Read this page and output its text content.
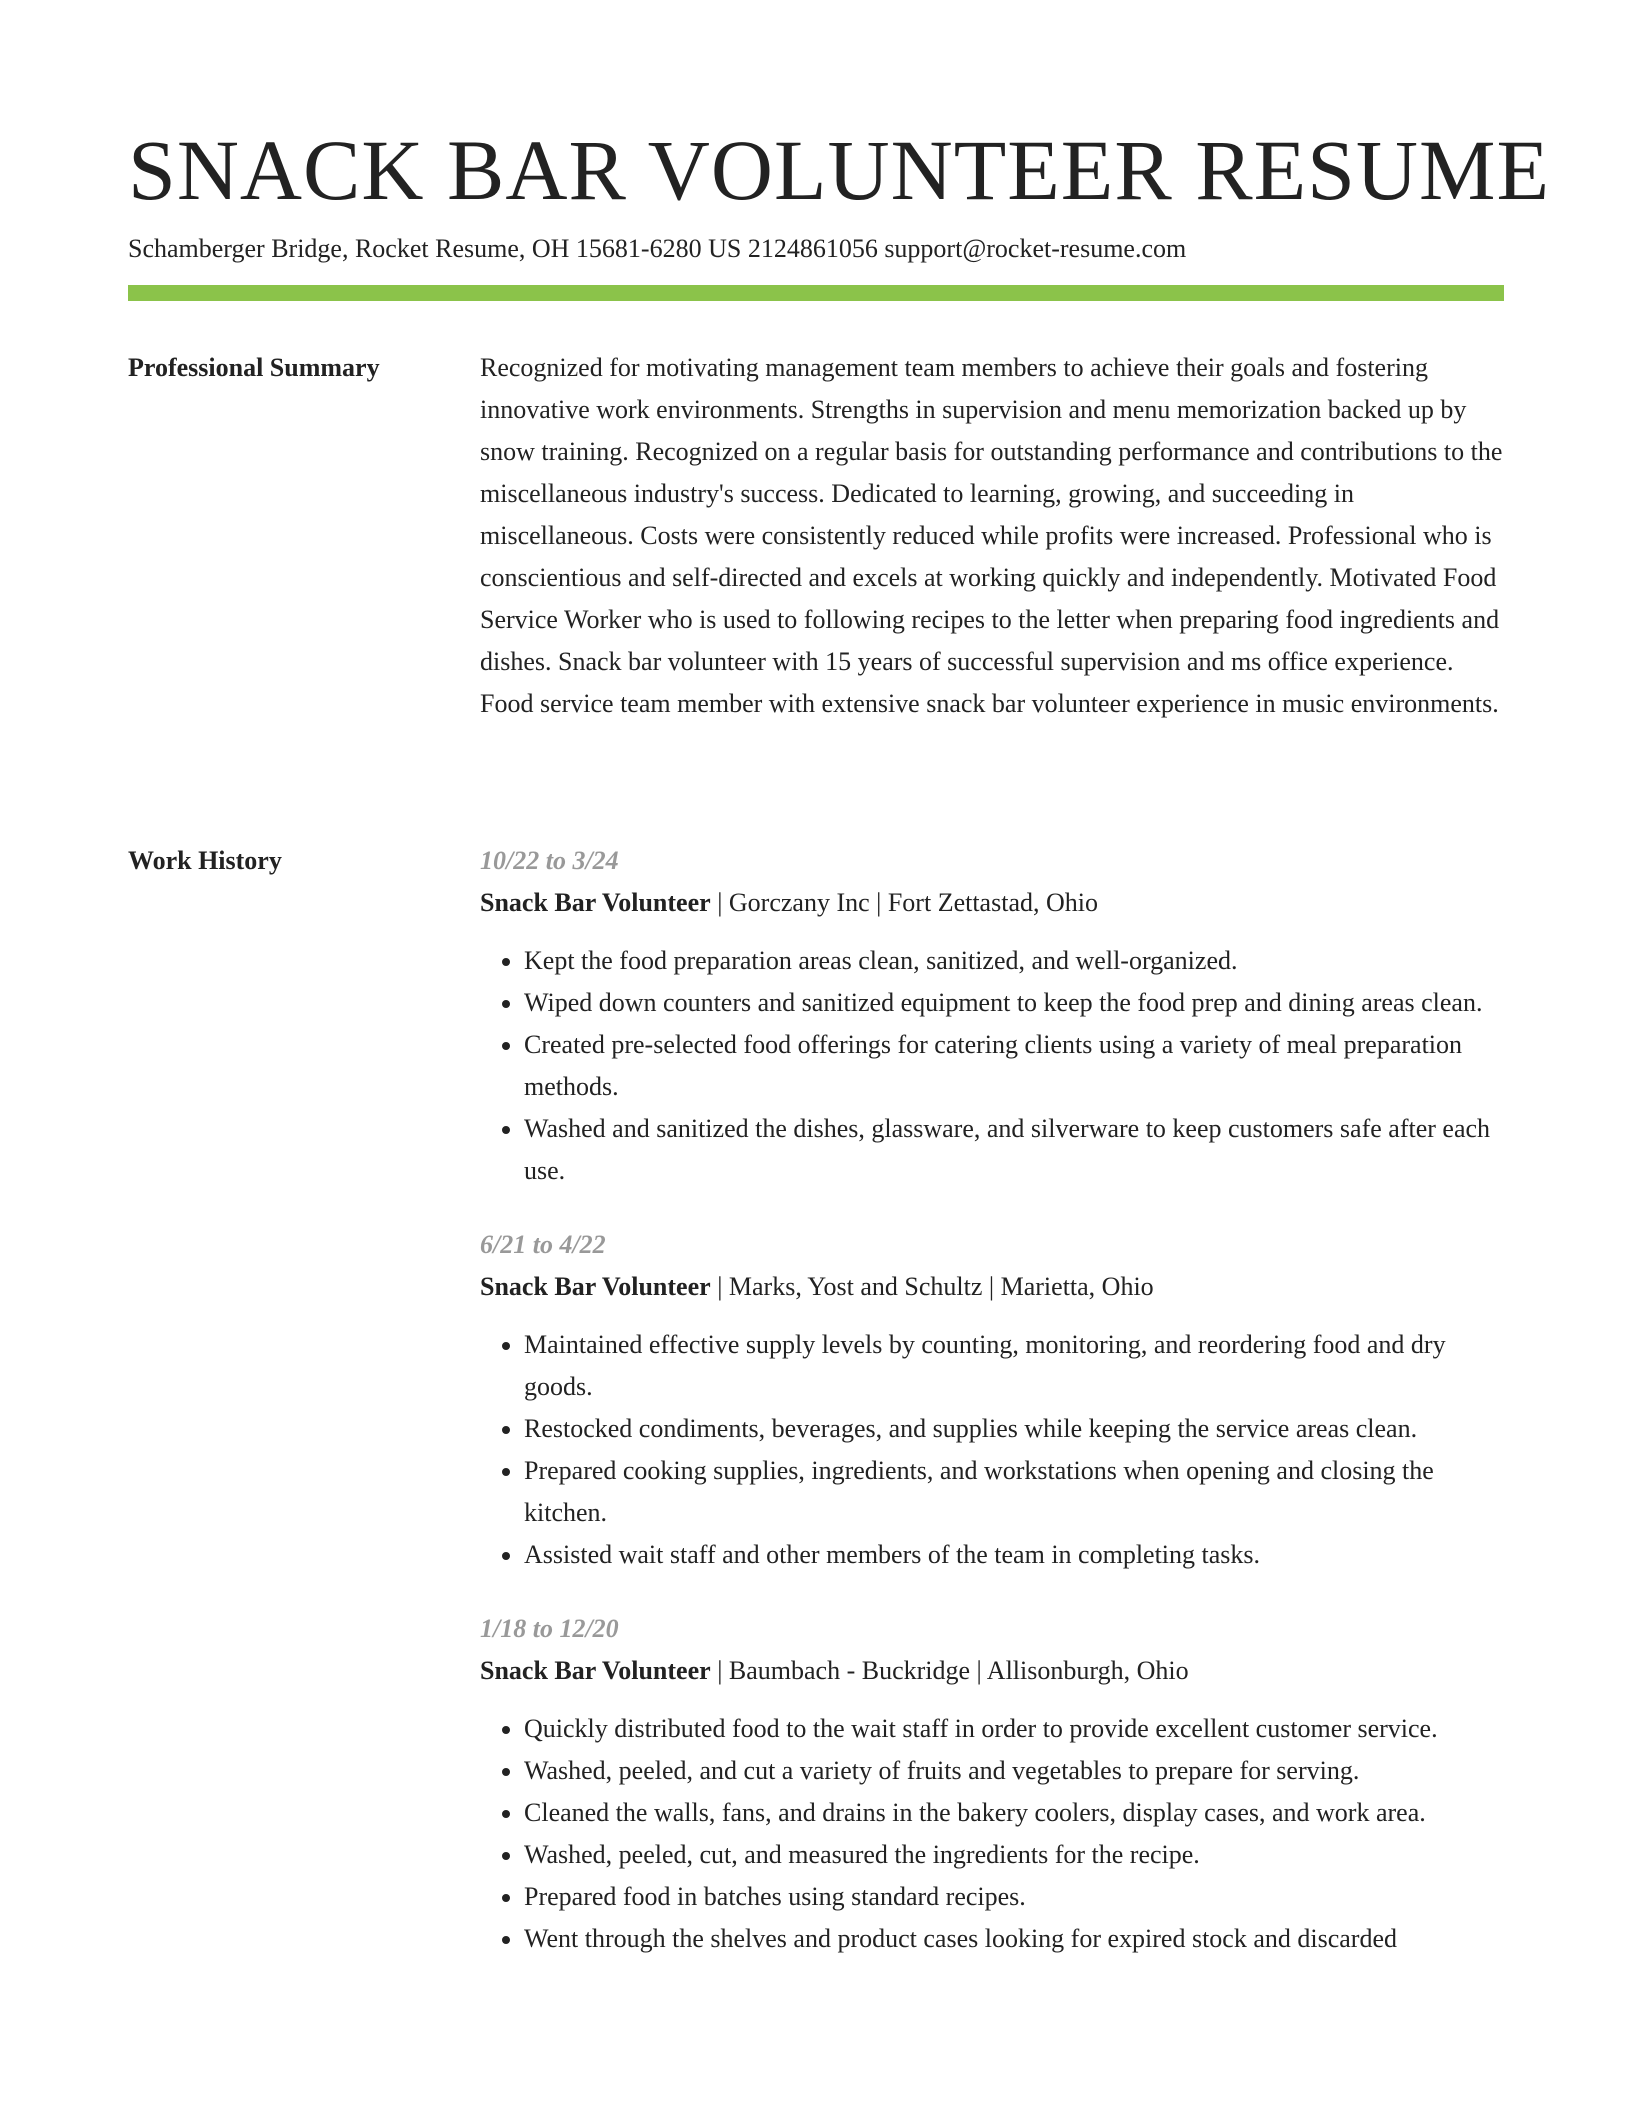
SNACK BAR VOLUNTEER RESUME
Schamberger Bridge, Rocket Resume, OH 15681-6280 US 2124861056 support@rocket-resume.com
Professional Summary	Recognized for motivating management team members to achieve their goals and fostering innovative work environments. Strengths in supervision and menu memorization backed up by snow training. Recognized on a regular basis for outstanding performance and contributions to the miscellaneous industry's success. Dedicated to learning, growing, and succeeding in miscellaneous. Costs were consistently reduced while profits were increased. Professional who is conscientious and self-directed and excels at working quickly and independently. Motivated Food Service Worker who is used to following recipes to the letter when preparing food ingredients and dishes. Snack bar volunteer with 15 years of successful supervision and ms office experience. Food service team member with extensive snack bar volunteer experience in music environments.

Work History	10/22 to 3/24
Snack Bar Volunteer | Gorczany Inc | Fort Zettastad, Ohio
• Kept the food preparation areas clean, sanitized, and well-organized.
• Wiped down counters and sanitized equipment to keep the food prep and dining areas clean.
• Created pre-selected food offerings for catering clients using a variety of meal preparation methods.
• Washed and sanitized the dishes, glassware, and silverware to keep customers safe after each use.
6/21 to 4/22
Snack Bar Volunteer | Marks, Yost and Schultz | Marietta, Ohio
• Maintained effective supply levels by counting, monitoring, and reordering food and dry goods.
• Restocked condiments, beverages, and supplies while keeping the service areas clean.
• Prepared cooking supplies, ingredients, and workstations when opening and closing the kitchen.
• Assisted wait staff and other members of the team in completing tasks.
1/18 to 12/20
Snack Bar Volunteer | Baumbach - Buckridge | Allisonburgh, Ohio
• Quickly distributed food to the wait staff in order to provide excellent customer service.
• Washed, peeled, and cut a variety of fruits and vegetables to prepare for serving.
• Cleaned the walls, fans, and drains in the bakery coolers, display cases, and work area.
• Washed, peeled, cut, and measured the ingredients for the recipe.
• Prepared food in batches using standard recipes.
• Went through the shelves and product cases looking for expired stock and discarded
